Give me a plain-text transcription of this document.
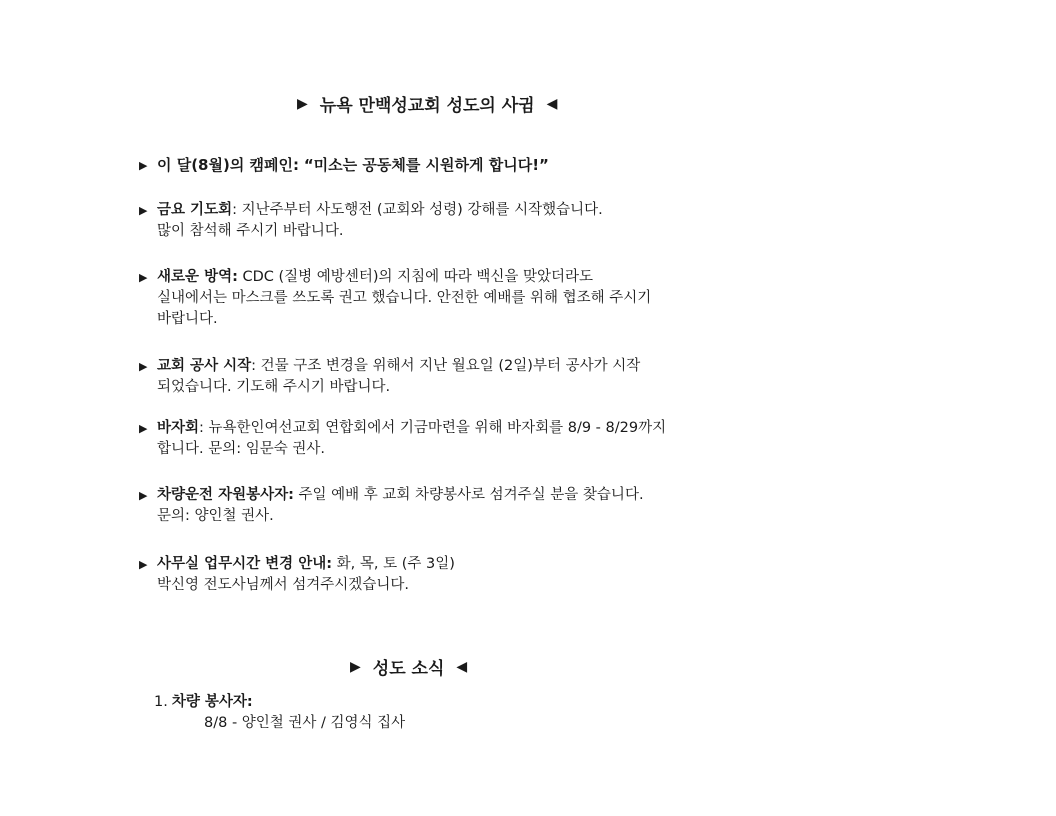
▶ 뉴욕 만백성교회 성도의 사귐 ◀
▶ 이 달(8월)의 캠페인: “미소는 공동체를 시원하게 합니다!”
▶ 금요 기도회: 지난주부터 사도행전 (교회와 성령) 강해를 시작했습니다.
많이 참석해 주시기 바랍니다.
▶ 새로운 방역: CDC (질병 예방센터)의 지침에 따라 백신을 맞았더라도
실내에서는 마스크를 쓰도록 권고 했습니다. 안전한 예배를 위해 협조해 주시기
바랍니다.
▶ 교회 공사 시작: 건물 구조 변경을 위해서 지난 월요일 (2일)부터 공사가 시작
되었습니다. 기도해 주시기 바랍니다.
▶ 바자회: 뉴욕한인여선교회 연합회에서 기금마련을 위해 바자회를 8/9 - 8/29까지
합니다. 문의: 임문숙 권사.
▶ 차량운전 자원봉사자: 주일 예배 후 교회 차량봉사로 섬겨주실 분을 찾습니다.
문의: 양인철 권사.
▶ 사무실 업무시간 변경 안내: 화, 목, 토 (주 3일)
박신영 전도사님께서 섬겨주시겠습니다.
▶ 성도 소식 ◀
1. 차량 봉사자:
8/8 - 양인철 권사 / 김영식 집사
